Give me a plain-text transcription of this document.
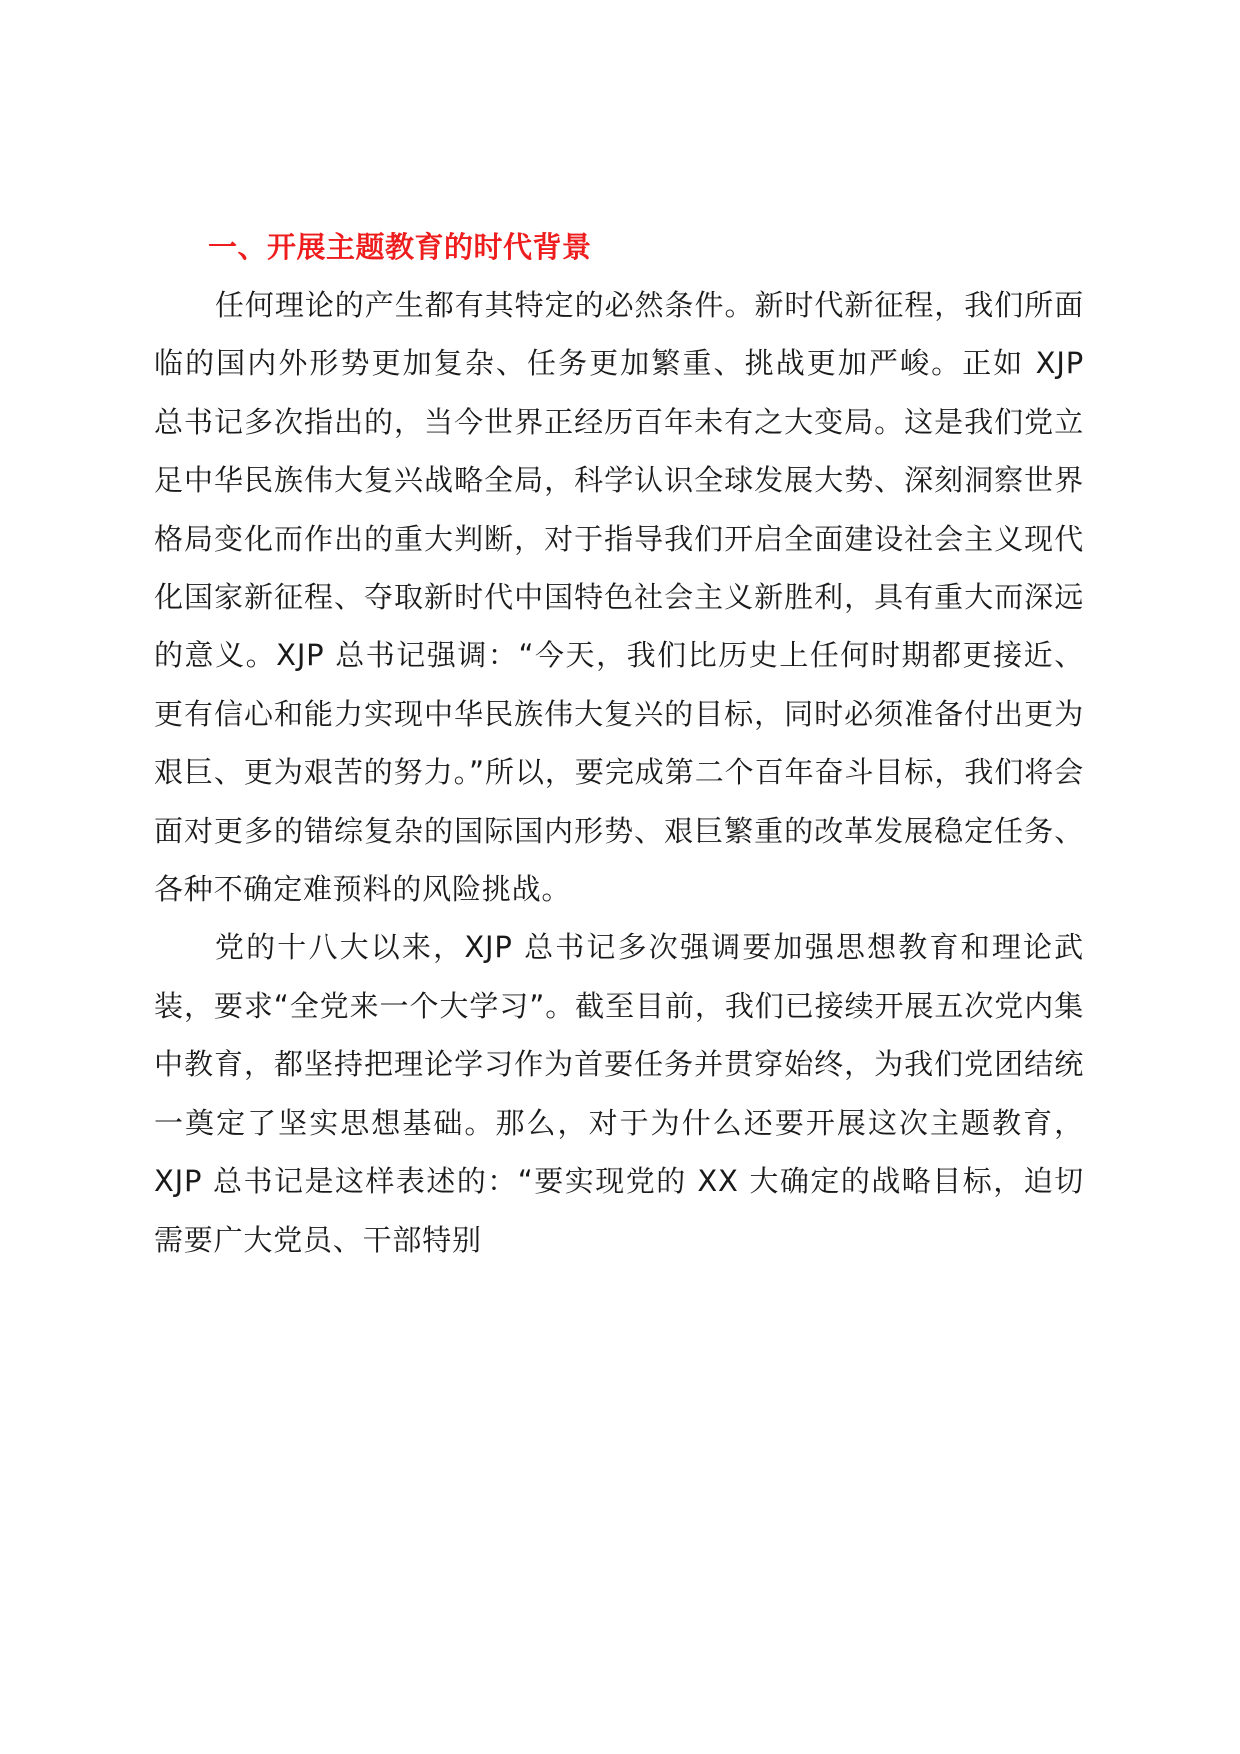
一、开展主题教育的时代背景

任何理论的产生都有其特定的必然条件。新时代新征程，我们所面临的国内外形势更加复杂、任务更加繁重、挑战更加严峻。正如 XJP 总书记多次指出的，当今世界正经历百年未有之大变局。这是我们党立足中华民族伟大复兴战略全局，科学认识全球发展大势、深刻洞察世界格局变化而作出的重大判断，对于指导我们开启全面建设社会主义现代化国家新征程、夺取新时代中国特色社会主义新胜利，具有重大而深远的意义。XJP 总书记强调：“今天，我们比历史上任何时期都更接近、更有信心和能力实现中华民族伟大复兴的目标，同时必须准备付出更为艰巨、更为艰苦的努力。”所以，要完成第二个百年奋斗目标，我们将会面对更多的错综复杂的国际国内形势、艰巨繁重的改革发展稳定任务、各种不确定难预料的风险挑战。

党的十八大以来，XJP 总书记多次强调要加强思想教育和理论武装，要求“全党来一个大学习”。截至目前，我们已接续开展五次党内集中教育，都坚持把理论学习作为首要任务并贯穿始终，为我们党团结统一奠定了坚实思想基础。那么，对于为什么还要开展这次主题教育，XJP 总书记是这样表述的：“要实现党的 XX 大确定的战略目标，迫切需要广大党员、干部特别
